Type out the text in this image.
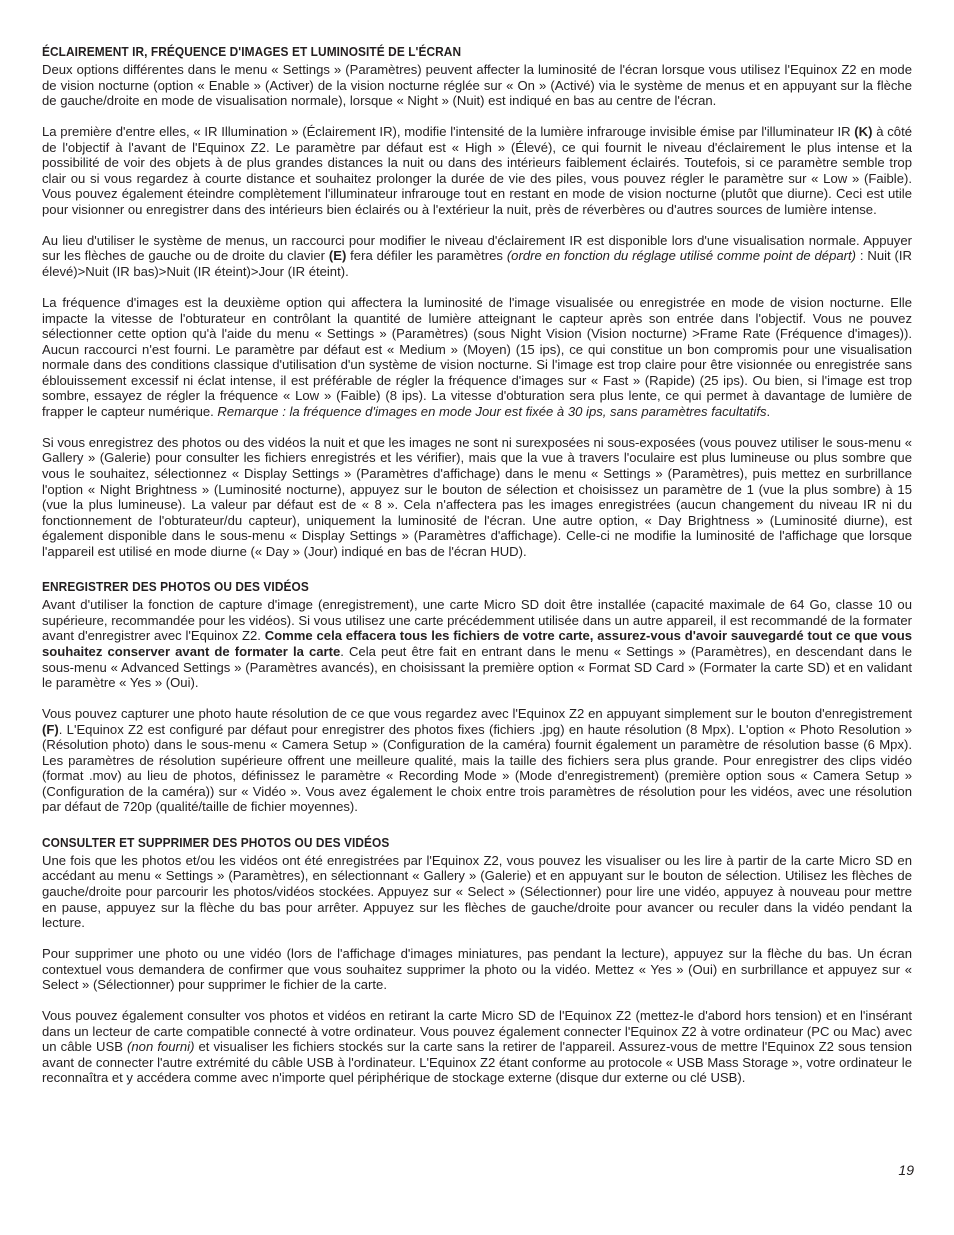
ÉCLAIREMENT IR, FRÉQUENCE D'IMAGES ET LUMINOSITÉ DE L'ÉCRAN

Deux options différentes dans le menu « Settings » (Paramètres) peuvent affecter la luminosité de l'écran lorsque vous utilisez l'Equinox Z2 en mode de vision nocturne (option « Enable » (Activer) de la vision nocturne réglée sur « On » (Activé) via le système de menus et en appuyant sur la flèche de gauche/droite en mode de visualisation normale), lorsque « Night » (Nuit) est indiqué en bas au centre de l'écran.

La première d'entre elles, « IR Illumination » (Éclairement IR), modifie l'intensité de la lumière infrarouge invisible émise par l'illuminateur IR (K) à côté de l'objectif à l'avant de l'Equinox Z2. Le paramètre par défaut est « High » (Élevé), ce qui fournit le niveau d'éclairement le plus intense et la possibilité de voir des objets à de plus grandes distances la nuit ou dans des intérieurs faiblement éclairés. Toutefois, si ce paramètre semble trop clair ou si vous regardez à courte distance et souhaitez prolonger la durée de vie des piles, vous pouvez régler le paramètre sur « Low » (Faible). Vous pouvez également éteindre complètement l'illuminateur infrarouge tout en restant en mode de vision nocturne (plutôt que diurne). Ceci est utile pour visionner ou enregistrer dans des intérieurs bien éclairés ou à l'extérieur la nuit, près de réverbères ou d'autres sources de lumière intense.

Au lieu d'utiliser le système de menus, un raccourci pour modifier le niveau d'éclairement IR est disponible lors d'une visualisation normale. Appuyer sur les flèches de gauche ou de droite du clavier (E) fera défiler les paramètres (ordre en fonction du réglage utilisé comme point de départ) : Nuit (IR élevé)>Nuit (IR bas)>Nuit (IR éteint)>Jour (IR éteint).

La fréquence d'images est la deuxième option qui affectera la luminosité de l'image visualisée ou enregistrée en mode de vision nocturne. Elle impacte la vitesse de l'obturateur en contrôlant la quantité de lumière atteignant le capteur après son entrée dans l'objectif. Vous ne pouvez sélectionner cette option qu'à l'aide du menu « Settings » (Paramètres) (sous Night Vision (Vision nocturne) >Frame Rate (Fréquence d'images)). Aucun raccourci n'est fourni. Le paramètre par défaut est « Medium » (Moyen) (15 ips), ce qui constitue un bon compromis pour une visualisation normale dans des conditions classique d'utilisation d'un système de vision nocturne. Si l'image est trop claire pour être visionnée ou enregistrée sans éblouissement excessif ni éclat intense, il est préférable de régler la fréquence d'images sur « Fast » (Rapide) (25 ips). Ou bien, si l'image est trop sombre, essayez de régler la fréquence « Low » (Faible) (8 ips). La vitesse d'obturation sera plus lente, ce qui permet à davantage de lumière de frapper le capteur numérique. Remarque : la fréquence d'images en mode Jour est fixée à 30 ips, sans paramètres facultatifs.

Si vous enregistrez des photos ou des vidéos la nuit et que les images ne sont ni surexposées ni sous-exposées (vous pouvez utiliser le sous-menu « Gallery » (Galerie) pour consulter les fichiers enregistrés et les vérifier), mais que la vue à travers l'oculaire est plus lumineuse ou plus sombre que vous le souhaitez, sélectionnez « Display Settings » (Paramètres d'affichage) dans le menu « Settings » (Paramètres), puis mettez en surbrillance l'option « Night Brightness » (Luminosité nocturne), appuyez sur le bouton de sélection et choisissez un paramètre de 1 (vue la plus sombre) à 15 (vue la plus lumineuse). La valeur par défaut est de « 8 ». Cela n'affectera pas les images enregistrées (aucun changement du niveau IR ni du fonctionnement de l'obturateur/du capteur), uniquement la luminosité de l'écran. Une autre option, « Day Brightness » (Luminosité diurne), est également disponible dans le sous-menu « Display Settings » (Paramètres d'affichage). Celle-ci ne modifie la luminosité de l'affichage que lorsque l'appareil est utilisé en mode diurne (« Day » (Jour) indiqué en bas de l'écran HUD).

ENREGISTRER DES PHOTOS OU DES VIDÉOS

Avant d'utiliser la fonction de capture d'image (enregistrement), une carte Micro SD doit être installée (capacité maximale de 64 Go, classe 10 ou supérieure, recommandée pour les vidéos). Si vous utilisez une carte précédemment utilisée dans un autre appareil, il est recommandé de la formater avant d'enregistrer avec l'Equinox Z2. Comme cela effacera tous les fichiers de votre carte, assurez-vous d'avoir sauvegardé tout ce que vous souhaitez conserver avant de formater la carte. Cela peut être fait en entrant dans le menu « Settings » (Paramètres), en descendant dans le sous-menu « Advanced Settings » (Paramètres avancés), en choisissant la première option « Format SD Card » (Formater la carte SD) et en validant le paramètre « Yes » (Oui).

Vous pouvez capturer une photo haute résolution de ce que vous regardez avec l'Equinox Z2 en appuyant simplement sur le bouton d'enregistrement (F). L'Equinox Z2 est configuré par défaut pour enregistrer des photos fixes (fichiers .jpg) en haute résolution (8 Mpx). L'option « Photo Resolution » (Résolution photo) dans le sous-menu « Camera Setup » (Configuration de la caméra) fournit également un paramètre de résolution basse (6 Mpx). Les paramètres de résolution supérieure offrent une meilleure qualité, mais la taille des fichiers sera plus grande. Pour enregistrer des clips vidéo (format .mov) au lieu de photos, définissez le paramètre « Recording Mode » (Mode d'enregistrement) (première option sous « Camera Setup » (Configuration de la caméra)) sur « Vidéo ». Vous avez également le choix entre trois paramètres de résolution pour les vidéos, avec une résolution par défaut de 720p (qualité/taille de fichier moyennes).

CONSULTER ET SUPPRIMER DES PHOTOS OU DES VIDÉOS

Une fois que les photos et/ou les vidéos ont été enregistrées par l'Equinox Z2, vous pouvez les visualiser ou les lire à partir de la carte Micro SD en accédant au menu « Settings » (Paramètres), en sélectionnant « Gallery » (Galerie) et en appuyant sur le bouton de sélection. Utilisez les flèches de gauche/droite pour parcourir les photos/vidéos stockées. Appuyez sur « Select » (Sélectionner) pour lire une vidéo, appuyez à nouveau pour mettre en pause, appuyez sur la flèche du bas pour arrêter. Appuyez sur les flèches de gauche/droite pour avancer ou reculer dans la vidéo pendant la lecture.

Pour supprimer une photo ou une vidéo (lors de l'affichage d'images miniatures, pas pendant la lecture), appuyez sur la flèche du bas. Un écran contextuel vous demandera de confirmer que vous souhaitez supprimer la photo ou la vidéo. Mettez « Yes » (Oui) en surbrillance et appuyez sur « Select » (Sélectionner) pour supprimer le fichier de la carte.

Vous pouvez également consulter vos photos et vidéos en retirant la carte Micro SD de l'Equinox Z2 (mettez-le d'abord hors tension) et en l'insérant dans un lecteur de carte compatible connecté à votre ordinateur. Vous pouvez également connecter l'Equinox Z2 à votre ordinateur (PC ou Mac) avec un câble USB (non fourni) et visualiser les fichiers stockés sur la carte sans la retirer de l'appareil. Assurez-vous de mettre l'Equinox Z2 sous tension avant de connecter l'autre extrémité du câble USB à l'ordinateur. L'Equinox Z2 étant conforme au protocole « USB Mass Storage », votre ordinateur le reconnaîtra et y accédera comme avec n'importe quel périphérique de stockage externe (disque dur externe ou clé USB).

19
